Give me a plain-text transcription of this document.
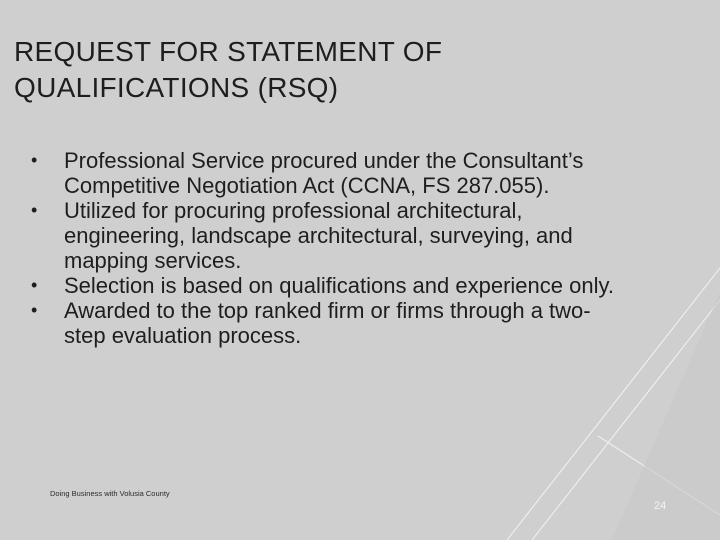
REQUEST FOR STATEMENT OF QUALIFICATIONS (RSQ)
• Professional Service procured under the Consultant’s Competitive Negotiation Act (CCNA, FS 287.055).
• Utilized for procuring professional architectural, engineering, landscape architectural, surveying, and mapping services.
• Selection is based on qualifications and experience only.
• Awarded to the top ranked firm or firms through a two-step evaluation process.
Doing Business with Volusia County
24
